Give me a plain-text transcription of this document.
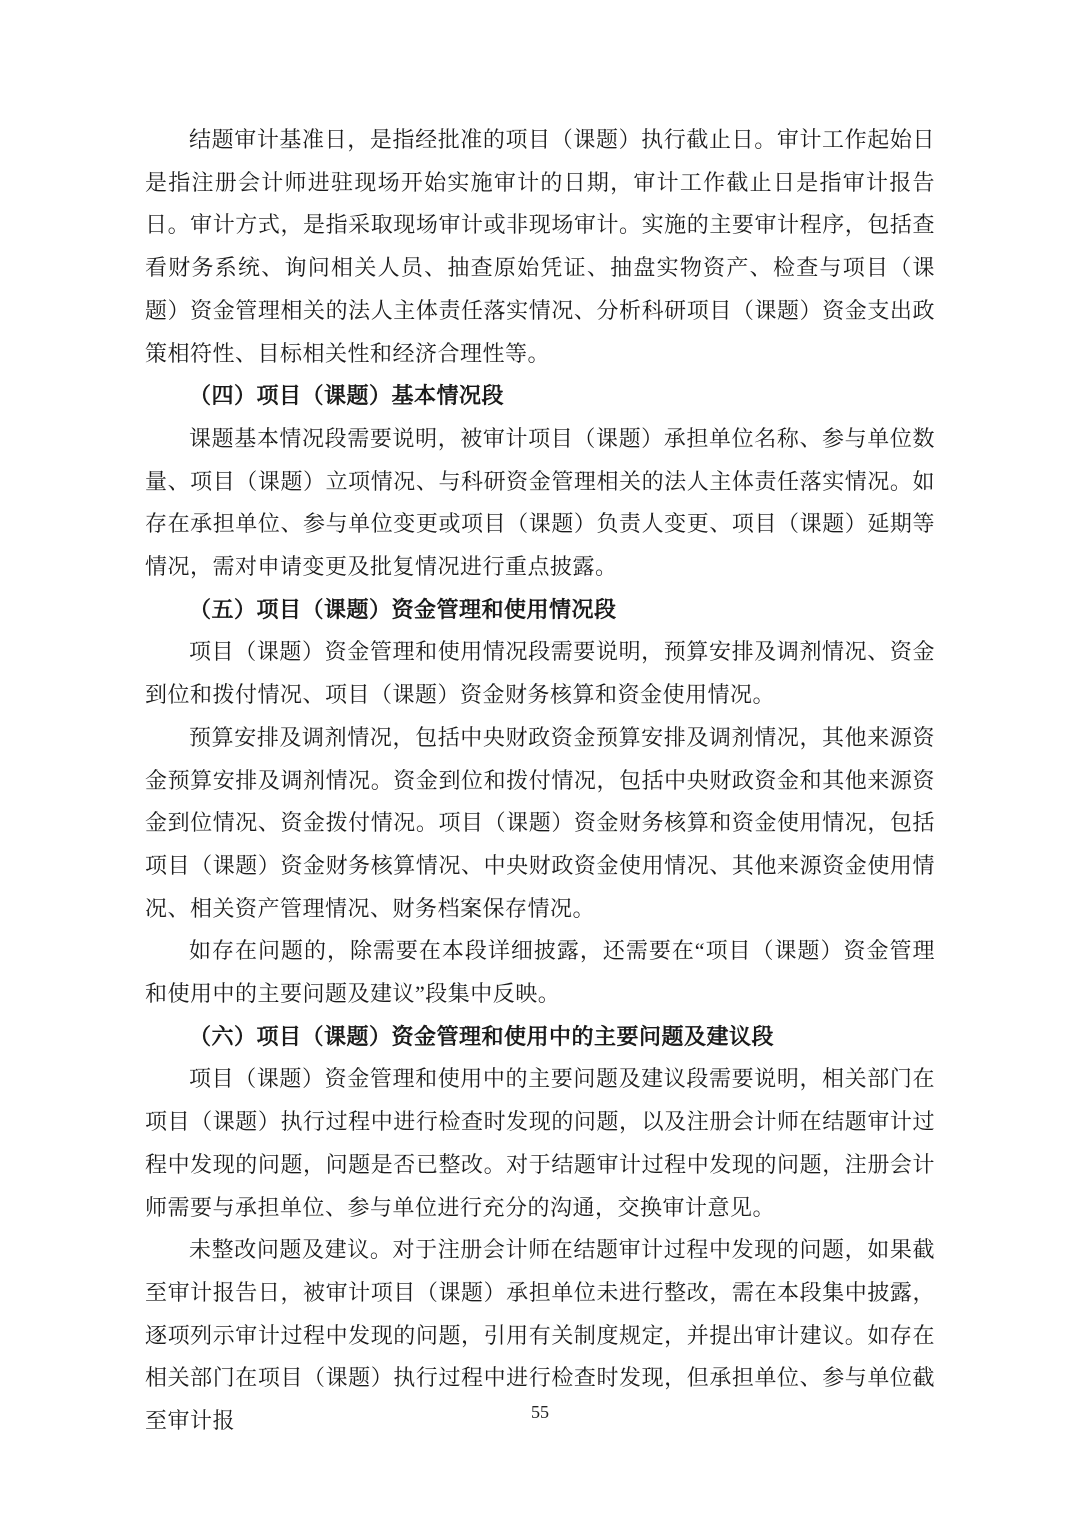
结题审计基准日，是指经批准的项目（课题）执行截止日。审计工作起始日是指注册会计师进驻现场开始实施审计的日期，审计工作截止日是指审计报告日。审计方式，是指采取现场审计或非现场审计。实施的主要审计程序，包括查看财务系统、询问相关人员、抽查原始凭证、抽盘实物资产、检查与项目（课题）资金管理相关的法人主体责任落实情况、分析科研项目（课题）资金支出政策相符性、目标相关性和经济合理性等。

（四）项目（课题）基本情况段

课题基本情况段需要说明，被审计项目（课题）承担单位名称、参与单位数量、项目（课题）立项情况、与科研资金管理相关的法人主体责任落实情况。如存在承担单位、参与单位变更或项目（课题）负责人变更、项目（课题）延期等情况，需对申请变更及批复情况进行重点披露。

（五）项目（课题）资金管理和使用情况段

项目（课题）资金管理和使用情况段需要说明，预算安排及调剂情况、资金到位和拨付情况、项目（课题）资金财务核算和资金使用情况。

预算安排及调剂情况，包括中央财政资金预算安排及调剂情况，其他来源资金预算安排及调剂情况。资金到位和拨付情况，包括中央财政资金和其他来源资金到位情况、资金拨付情况。项目（课题）资金财务核算和资金使用情况，包括项目（课题）资金财务核算情况、中央财政资金使用情况、其他来源资金使用情况、相关资产管理情况、财务档案保存情况。

如存在问题的，除需要在本段详细披露，还需要在“项目（课题）资金管理和使用中的主要问题及建议”段集中反映。

（六）项目（课题）资金管理和使用中的主要问题及建议段

项目（课题）资金管理和使用中的主要问题及建议段需要说明，相关部门在项目（课题）执行过程中进行检查时发现的问题，以及注册会计师在结题审计过程中发现的问题，问题是否已整改。对于结题审计过程中发现的问题，注册会计师需要与承担单位、参与单位进行充分的沟通，交换审计意见。

未整改问题及建议。对于注册会计师在结题审计过程中发现的问题，如果截至审计报告日，被审计项目（课题）承担单位未进行整改，需在本段集中披露，逐项列示审计过程中发现的问题，引用有关制度规定，并提出审计建议。如存在相关部门在项目（课题）执行过程中进行检查时发现，但承担单位、参与单位截至审计报	55
